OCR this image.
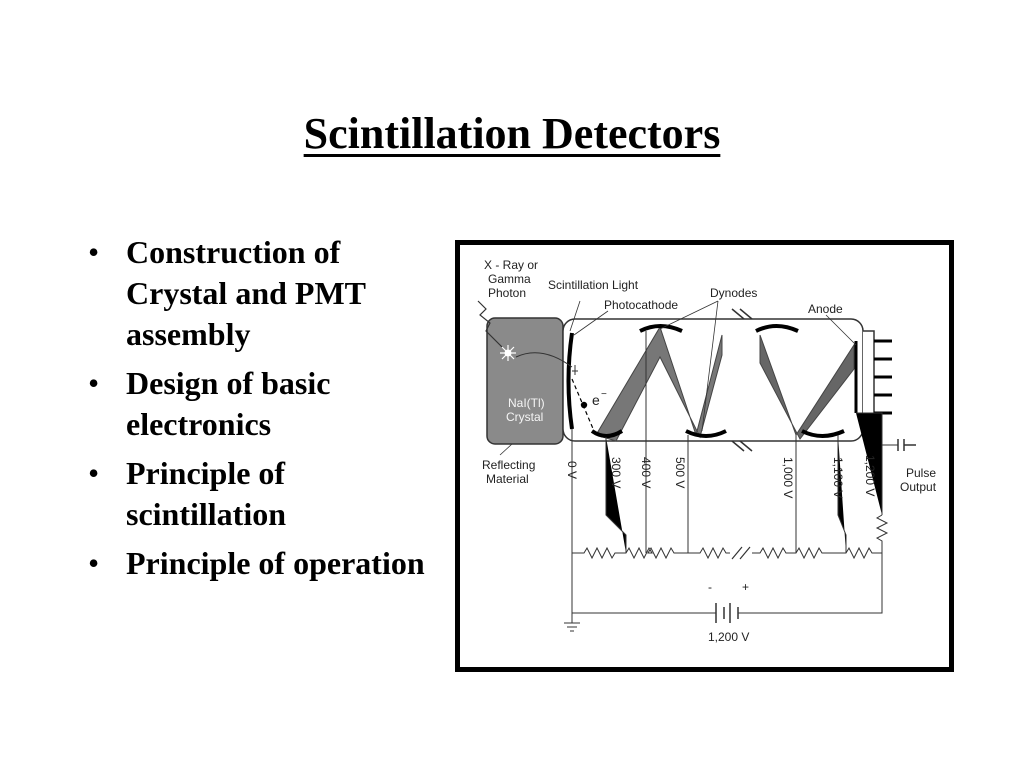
Scintillation Detectors
• Construction of Crystal and PMT assembly
• Design of basic electronics
• Principle of scintillation
• Principle of operation
X - Ray or
Gamma
Photon
Scintillation Light
Photocathode
Dynodes
Anode
NaI(Tl)
Crystal
e −
Reflecting
Material	Pulse
Output
1,200 V
-	+
0 V	300 V 400 V 500 V	1,000 V	1,100 V 1,200 V
